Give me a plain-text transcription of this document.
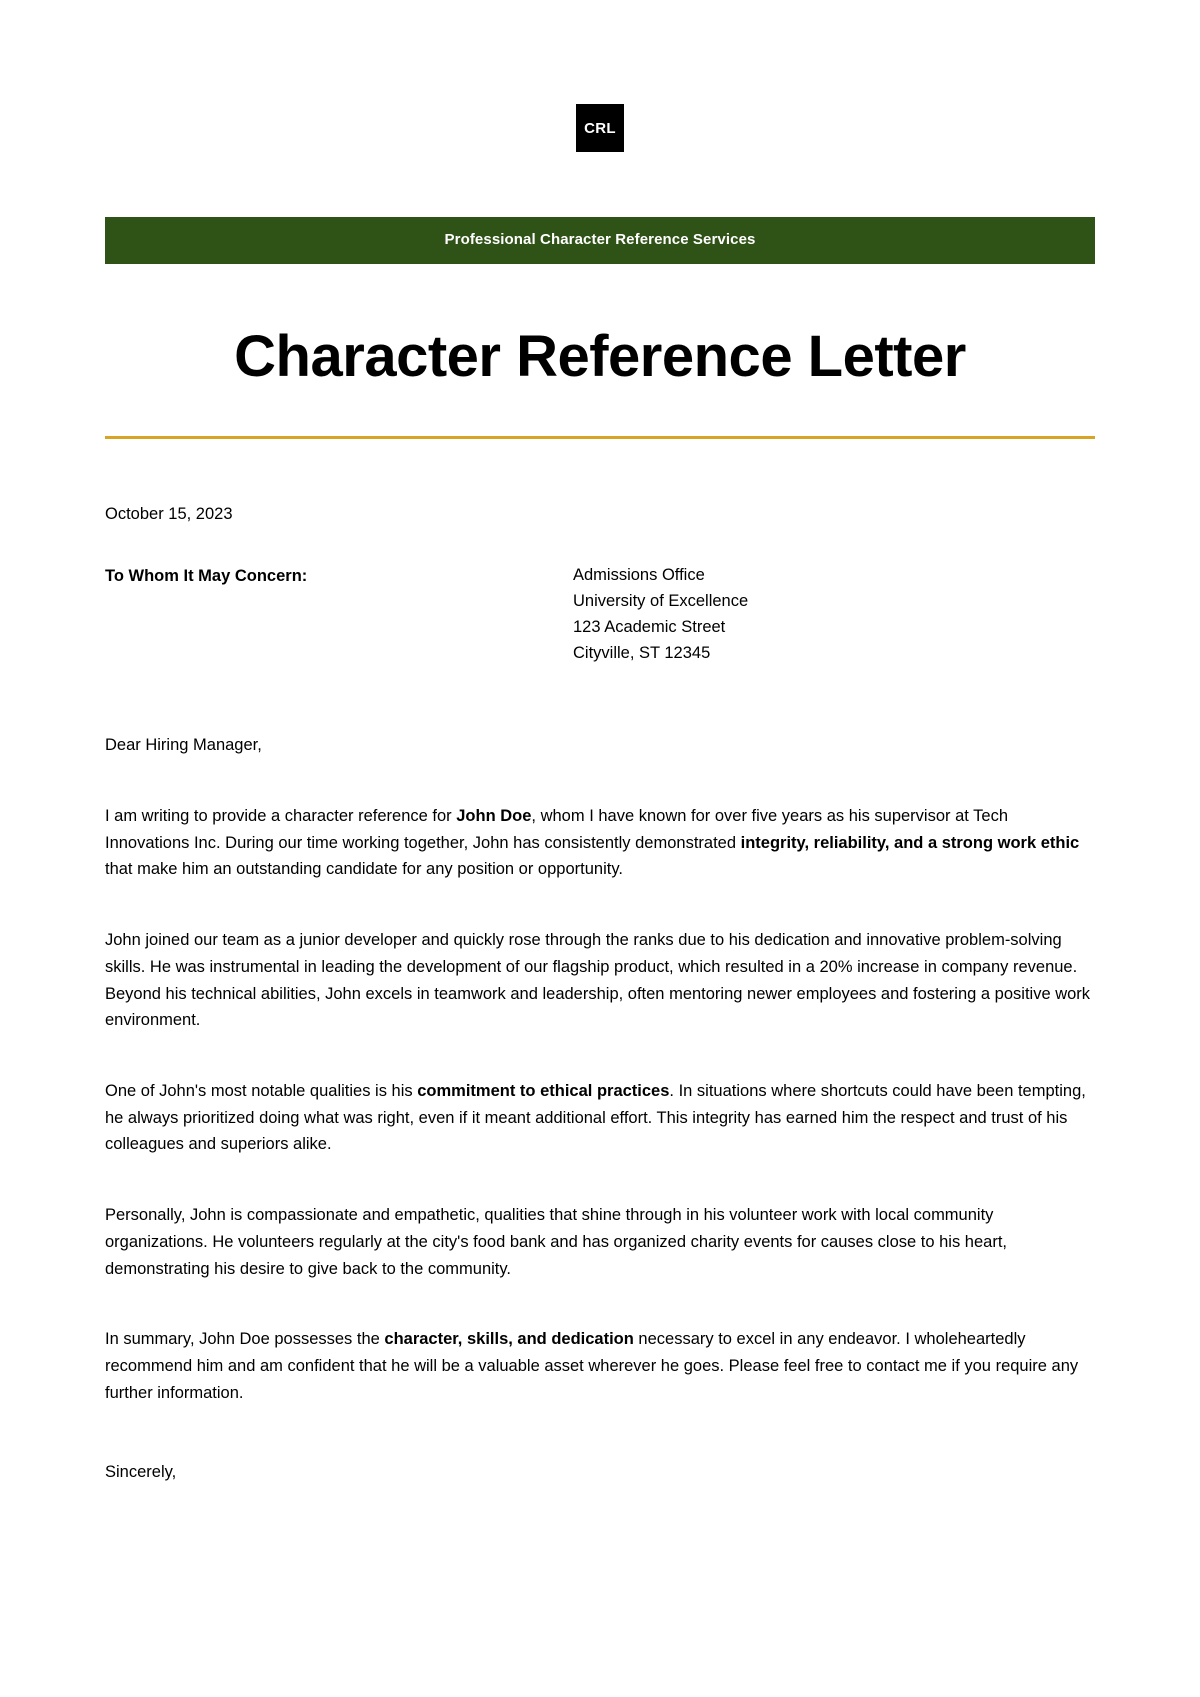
CRL
Professional Character Reference Services
Character Reference Letter
October 15, 2023
To Whom It May Concern:	Admissions Office
University of Excellence
123 Academic Street
Cityville, ST 12345
Dear Hiring Manager,

I am writing to provide a character reference for John Doe, whom I have known for over five years as his supervisor at Tech Innovations Inc. During our time working together, John has consistently demonstrated integrity, reliability, and a strong work ethic that make him an outstanding candidate for any position or opportunity.

John joined our team as a junior developer and quickly rose through the ranks due to his dedication and innovative problem-solving skills. He was instrumental in leading the development of our flagship product, which resulted in a 20% increase in company revenue. Beyond his technical abilities, John excels in teamwork and leadership, often mentoring newer employees and fostering a positive work environment.

One of John's most notable qualities is his commitment to ethical practices. In situations where shortcuts could have been tempting, he always prioritized doing what was right, even if it meant additional effort. This integrity has earned him the respect and trust of his colleagues and superiors alike.

Personally, John is compassionate and empathetic, qualities that shine through in his volunteer work with local community organizations. He volunteers regularly at the city's food bank and has organized charity events for causes close to his heart, demonstrating his desire to give back to the community.

In summary, John Doe possesses the character, skills, and dedication necessary to excel in any endeavor. I wholeheartedly recommend him and am confident that he will be a valuable asset wherever he goes. Please feel free to contact me if you require any further information.

Sincerely,
